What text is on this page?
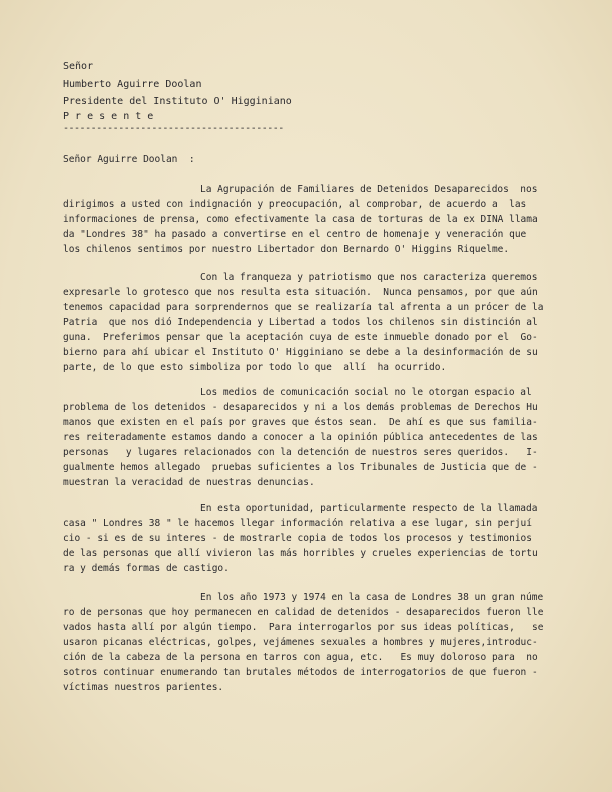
Señor
Humberto Aguirre Doolan
Presidente del Instituto O' Higginiano
P r e s e n t e
----------------------------------------
Señor Aguirre Doolan  :
La Agrupación de Familiares de Detenidos Desaparecidos  nos
dirigimos a usted con indignación y preocupación, al comprobar, de acuerdo a  las
informaciones de prensa, como efectivamente la casa de torturas de la ex DINA llama
da "Londres 38" ha pasado a convertirse en el centro de homenaje y veneración que
los chilenos sentimos por nuestro Libertador don Bernardo O' Higgins Riquelme.
Con la franqueza y patriotismo que nos caracteriza queremos
expresarle lo grotesco que nos resulta esta situación.  Nunca pensamos, por que aún
tenemos capacidad para sorprendernos que se realizaría tal afrenta a un prócer de la
Patria  que nos dió Independencia y Libertad a todos los chilenos sin distinción al
guna.  Preferimos pensar que la aceptación cuya de este inmueble donado por el  Go-
bierno para ahí ubicar el Instituto O' Higginiano se debe a la desinformación de su
parte, de lo que esto simboliza por todo lo que  allí  ha ocurrido.
Los medios de comunicación social no le otorgan espacio al
problema de los detenidos - desaparecidos y ni a los demás problemas de Derechos Hu
manos que existen en el país por graves que éstos sean.  De ahí es que sus familia-
res reiteradamente estamos dando a conocer a la opinión pública antecedentes de las
personas   y lugares relacionados con la detención de nuestros seres queridos.   I-
gualmente hemos allegado  pruebas suficientes a los Tribunales de Justicia que de -
muestran la veracidad de nuestras denuncias.
En esta oportunidad, particularmente respecto de la llamada
casa " Londres 38 " le hacemos llegar información relativa a ese lugar, sin perjuí
cio - si es de su interes - de mostrarle copia de todos los procesos y testimonios
de las personas que allí vivieron las más horribles y crueles experiencias de tortu
ra y demás formas de castigo.
En los año 1973 y 1974 en la casa de Londres 38 un gran núme
ro de personas que hoy permanecen en calidad de detenidos - desaparecidos fueron lle
vados hasta allí por algún tiempo.  Para interrogarlos por sus ideas políticas,   se
usaron picanas eléctricas, golpes, vejámenes sexuales a hombres y mujeres,introduc-
ción de la cabeza de la persona en tarros con agua, etc.   Es muy doloroso para  no
sotros continuar enumerando tan brutales métodos de interrogatorios de que fueron -
víctimas nuestros parientes.
